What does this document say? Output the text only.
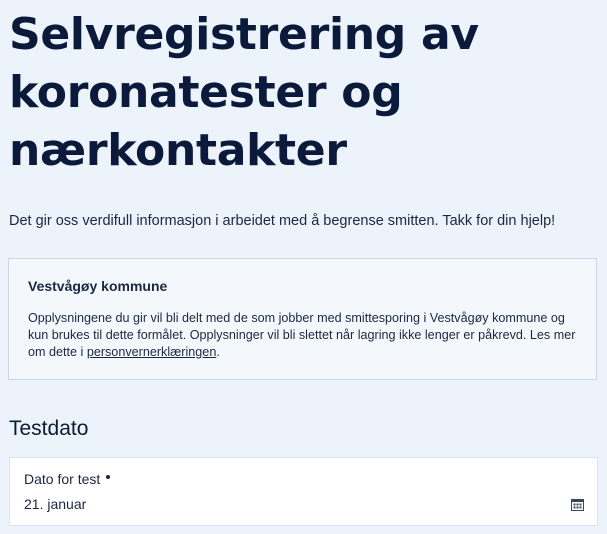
Selvregistrering av koronatester og nærkontakter

Det gir oss verdifull informasjon i arbeidet med å begrense smitten. Takk for din hjelp!

Vestvågøy kommune

Opplysningene du gir vil bli delt med de som jobber med smittesporing i Vestvågøy kommune og kun brukes til dette formålet. Opplysninger vil bli slettet når lagring ikke lenger er påkrevd. Les mer om dette i personvernerklæringen.

Testdato
Dato for test
21. januar
